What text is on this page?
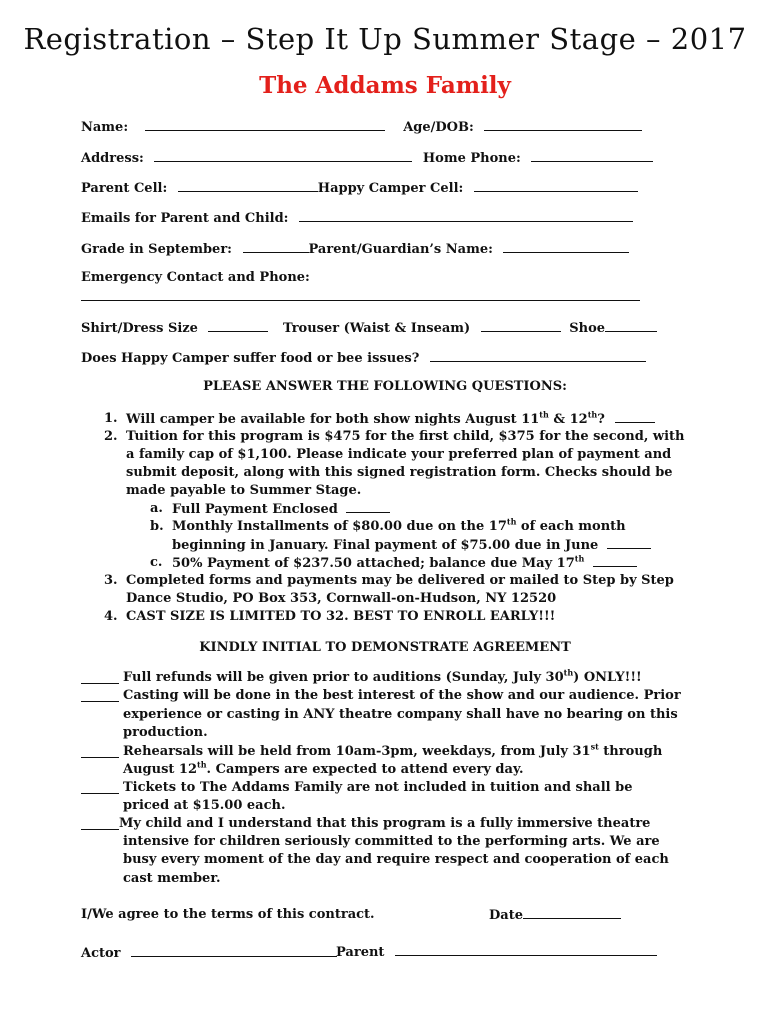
Registration – Step It Up Summer Stage – 2017
The Addams Family
Name:	Age/DOB:
Address:	Home Phone:
Parent Cell:	Happy Camper Cell:
Emails for Parent and Child:
Grade in September:	Parent/Guardian’s Name:
Emergency Contact and Phone:
Shirt/Dress Size	Trouser (Waist & Inseam)	Shoe
Does Happy Camper suffer food or bee issues?
PLEASE ANSWER THE FOLLOWING QUESTIONS:
1. Will camper be available for both show nights August 11th & 12th?
2. Tuition for this program is $475 for the first child, $375 for the second, with
a family cap of $1,100. Please indicate your preferred plan of payment and
submit deposit, along with this signed registration form. Checks should be
made payable to Summer Stage.
a. Full Payment Enclosed
b. Monthly Installments of $80.00 due on the 17th of each month
beginning in January. Final payment of $75.00 due in June
c. 50% Payment of $237.50 attached; balance due May 17th
3. Completed forms and payments may be delivered or mailed to Step by Step
Dance Studio, PO Box 353, Cornwall-on-Hudson, NY 12520
4. CAST SIZE IS LIMITED TO 32. BEST TO ENROLL EARLY!!!
KINDLY INITIAL TO DEMONSTRATE AGREEMENT
Full refunds will be given prior to auditions (Sunday, July 30th) ONLY!!!
Casting will be done in the best interest of the show and our audience. Prior
experience or casting in ANY theatre company shall have no bearing on this
production.
Rehearsals will be held from 10am-3pm, weekdays, from July 31st through
August 12th. Campers are expected to attend every day.
Tickets to The Addams Family are not included in tuition and shall be
priced at $15.00 each.
My child and I understand that this program is a fully immersive theatre
intensive for children seriously committed to the performing arts. We are
busy every moment of the day and require respect and cooperation of each
cast member.
I/We agree to the terms of this contract.	Date
Actor	Parent
